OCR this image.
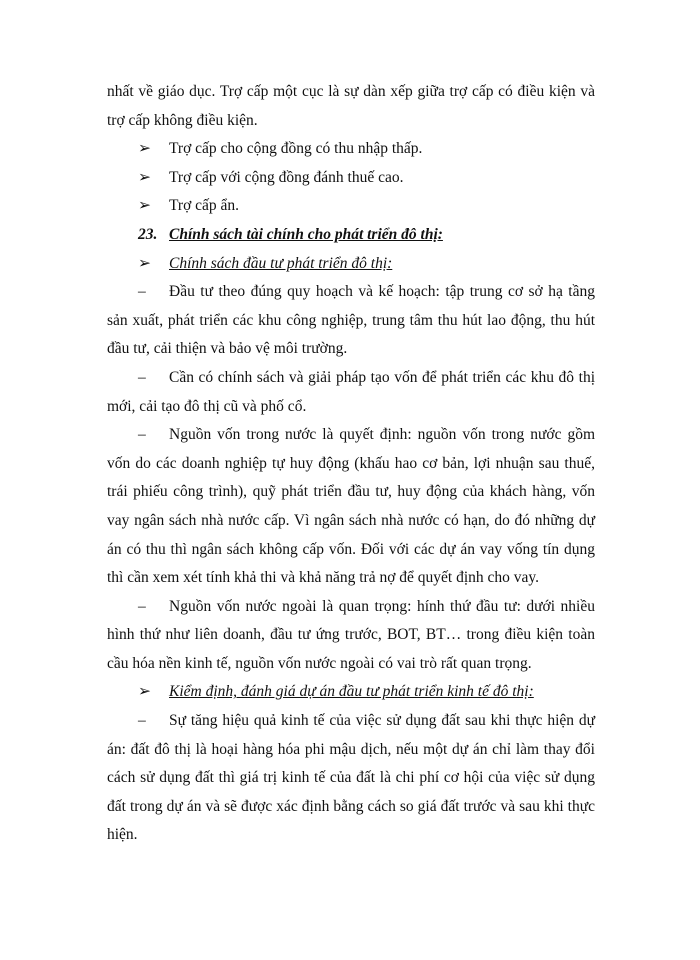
nhất về giáo dục. Trợ cấp một cục là sự dàn xếp giữa trợ cấp có điều kiện và trợ cấp không điều kiện.

➢ Trợ cấp cho cộng đồng có thu nhập thấp.

➢ Trợ cấp với cộng đồng đánh thuế cao.

➢ Trợ cấp ẩn.

23. Chính sách tài chính cho phát triển đô thị:

➢ Chính sách đầu tư phát triển đô thị:

– Đầu tư theo đúng quy hoạch và kế hoạch: tập trung cơ sở hạ tầng sản xuất, phát triển các khu công nghiệp, trung tâm thu hút lao động, thu hút đầu tư, cải thiện và bảo vệ môi trường.

– Cần có chính sách và giải pháp tạo vốn để phát triển các khu đô thị mới, cải tạo đô thị cũ và phố cổ.

– Nguồn vốn trong nước là quyết định: nguồn vốn trong nước gồm vốn do các doanh nghiệp tự huy động (khấu hao cơ bản, lợi nhuận sau thuế, trái phiếu công trình), quỹ phát triển đầu tư, huy động của khách hàng, vốn vay ngân sách nhà nước cấp. Vì ngân sách nhà nước có hạn, do đó những dự án có thu thì ngân sách không cấp vốn. Đối với các dự án vay vống tín dụng thì cần xem xét tính khả thi và khả năng trả nợ để quyết định cho vay.

– Nguồn vốn nước ngoài là quan trọng: hính thứ đầu tư: dưới nhiều hình thứ như liên doanh, đầu tư ứng trước, BOT, BT… trong điều kiện toàn cầu hóa nền kinh tế, nguồn vốn nước ngoài có vai trò rất quan trọng.

➢ Kiểm định, đánh giá dự án đầu tư phát triển kinh tế đô thị:

– Sự tăng hiệu quả kinh tế của việc sử dụng đất sau khi thực hiện dự án: đất đô thị là hoại hàng hóa phi mậu dịch, nếu một dự án chỉ làm thay đổi cách sử dụng đất thì giá trị kinh tế của đất là chi phí cơ hội của việc sử dụng đất trong dự án và sẽ được xác định bằng cách so giá đất trước và sau khi thực hiện.
